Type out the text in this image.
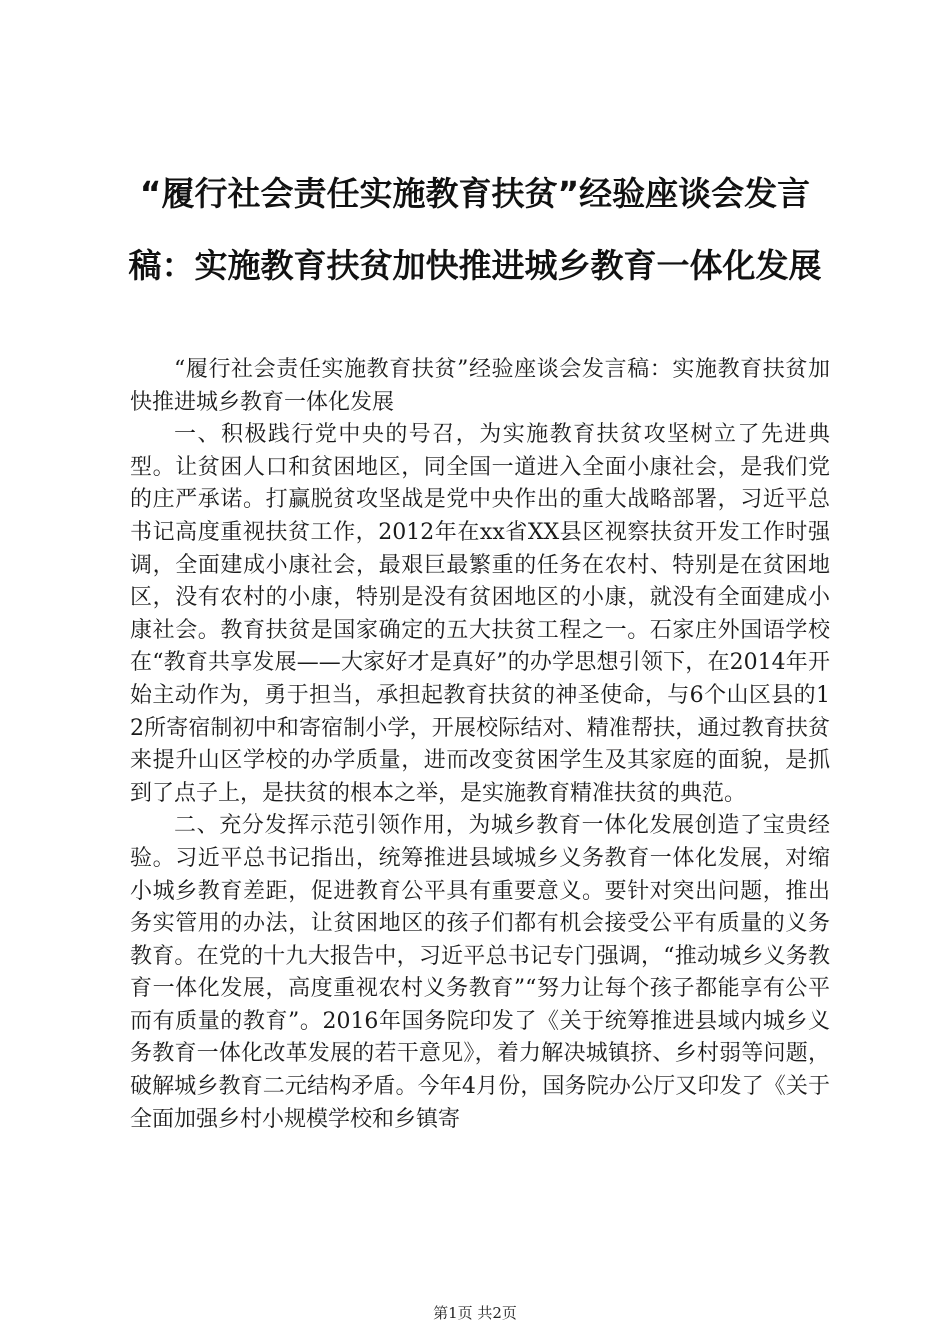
“履行社会责任实施教育扶贫”经验座谈会发言稿：实施教育扶贫加快推进城乡教育一体化发展

“履行社会责任实施教育扶贫”经验座谈会发言稿：实施教育扶贫加快推进城乡教育一体化发展

一、积极践行党中央的号召，为实施教育扶贫攻坚树立了先进典型。让贫困人口和贫困地区，同全国一道进入全面小康社会，是我们党的庄严承诺。打赢脱贫攻坚战是党中央作出的重大战略部署，习近平总书记高度重视扶贫工作，2012年在xx省XX县区视察扶贫开发工作时强调，全面建成小康社会，最艰巨最繁重的任务在农村、特别是在贫困地区，没有农村的小康，特别是没有贫困地区的小康，就没有全面建成小康社会。教育扶贫是国家确定的五大扶贫工程之一。石家庄外国语学校在“教育共享发展——大家好才是真好”的办学思想引领下，在2014年开始主动作为，勇于担当，承担起教育扶贫的神圣使命，与6个山区县的12所寄宿制初中和寄宿制小学，开展校际结对、精准帮扶，通过教育扶贫来提升山区学校的办学质量，进而改变贫困学生及其家庭的面貌，是抓到了点子上，是扶贫的根本之举，是实施教育精准扶贫的典范。

二、充分发挥示范引领作用，为城乡教育一体化发展创造了宝贵经验。习近平总书记指出，统筹推进县域城乡义务教育一体化发展，对缩小城乡教育差距，促进教育公平具有重要意义。要针对突出问题，推出务实管用的办法，让贫困地区的孩子们都有机会接受公平有质量的义务教育。在党的十九大报告中，习近平总书记专门强调，“推动城乡义务教育一体化发展，高度重视农村义务教育”“努力让每个孩子都能享有公平而有质量的教育”。2016年国务院印发了《关于统筹推进县域内城乡义务教育一体化改革发展的若干意见》，着力解决城镇挤、乡村弱等问题，破解城乡教育二元结构矛盾。今年4月份，国务院办公厅又印发了《关于全面加强乡村小规模学校和乡镇寄

第1页 共2页
